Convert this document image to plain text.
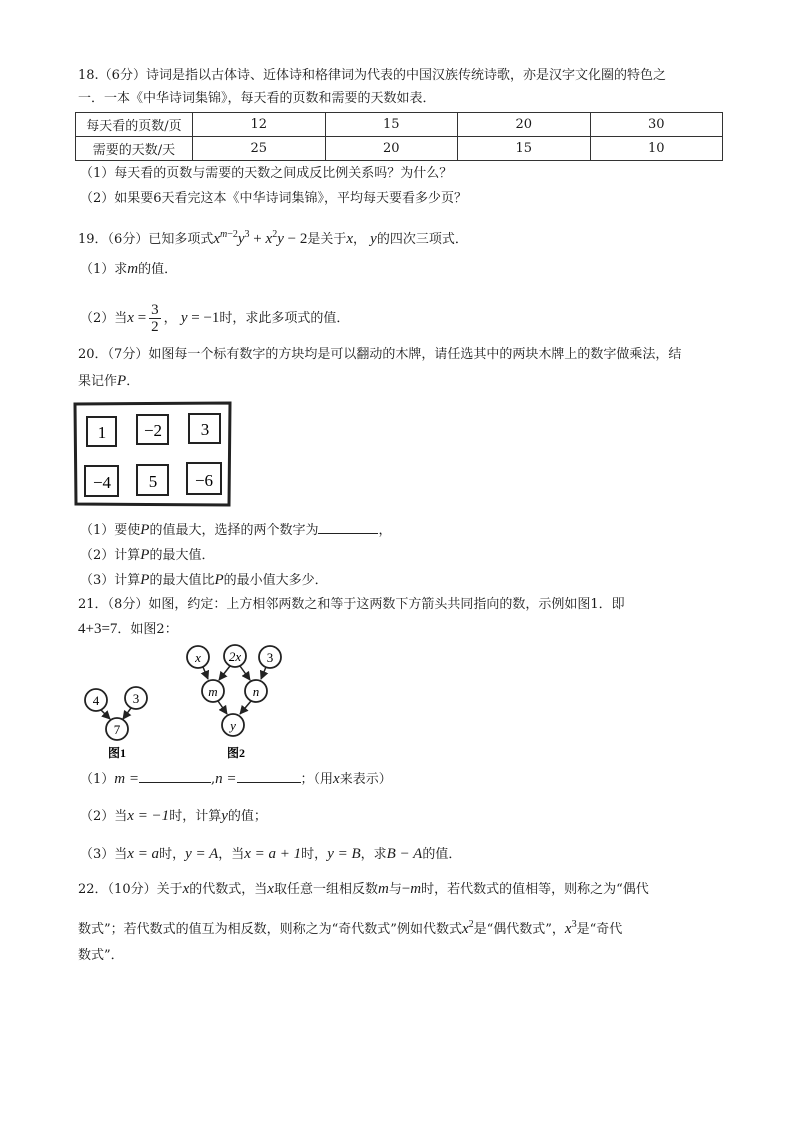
18.（6分）诗词是指以古体诗、近体诗和格律词为代表的中国汉族传统诗歌，亦是汉字文化圈的特色之
一．一本《中华诗词集锦》，每天看的页数和需要的天数如表．
每天看的页数/页	12	15	20	30
需要的天数/天	25	20	15	10
（1）每天看的页数与需要的天数之间成反比例关系吗？为什么？
（2）如果要6天看完这本《中华诗词集锦》，平均每天要看多少页？
19．（6分）已知多项式$x^{m-2}y^3 + x^2y - 2$是关于x， y的四次三项式．
（1）求m的值．
（2）当$x = \frac{3}{2}$ ， y = −1时，求此多项式的值．
20．（7分）如图每一个标有数字的方块均是可以翻动的木牌，请任选其中的两块木牌上的数字做乘法，结
果记作P．
1 −2 3
−4 5 −6
（1）要使P的值最大，选择的两个数字为	，
（2）计算P的最大值．
（3）计算P的最大值比P的最小值大多少．
21．（8分）如图，约定：上方相邻两数之和等于这两数下方箭头共同指向的数，示例如图1．即
4+3=7．如图2：
4	3
7
图1
x 2x 3
m	n
y
图2
（1）m =	,n =	；（用x来表示）
（2）当x = −1时，计算y的值；
（3）当x = a时，y = A，当x = a + 1时，y = B，求B − A的值．
22．（10分）关于x的代数式，当x取任意一组相反数m与−m时，若代数式的值相等，则称之为“偶代
数式”；若代数式的值互为相反数，则称之为“奇代数式”例如代数式$x^2$是“偶代数式”，$x^3$是“奇代
数式”．
